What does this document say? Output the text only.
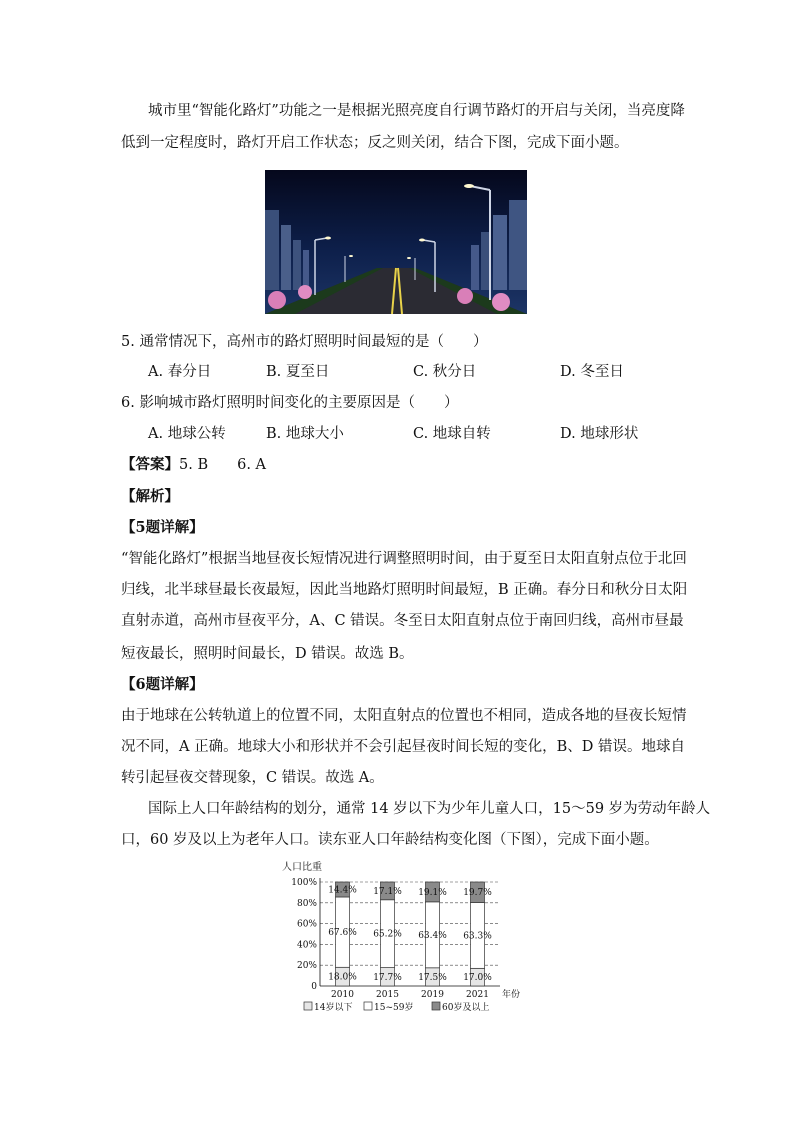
城市里“智能化路灯”功能之一是根据光照亮度自行调节路灯的开启与关闭，当亮度降
低到一定程度时，路灯开启工作状态；反之则关闭，结合下图，完成下面小题。
5. 通常情况下，高州市的路灯照明时间最短的是（　　）
A. 春分日	B. 夏至日	C. 秋分日	D. 冬至日
6. 影响城市路灯照明时间变化的主要原因是（　　）
A. 地球公转	B. 地球大小	C. 地球自转	D. 地球形状
【答案】5. B　　6. A
【解析】
【5题详解】
“智能化路灯”根据当地昼夜长短情况进行调整照明时间，由于夏至日太阳直射点位于北回
归线，北半球昼最长夜最短，因此当地路灯照明时间最短，B 正确。春分日和秋分日太阳
直射赤道，高州市昼夜平分，A、C 错误。冬至日太阳直射点位于南回归线，高州市昼最
短夜最长，照明时间最长，D 错误。故选 B。
【6题详解】
由于地球在公转轨道上的位置不同，太阳直射点的位置也不相同，造成各地的昼夜长短情
况不同，A 正确。地球大小和形状并不会引起昼夜时间长短的变化，B、D 错误。地球自
转引起昼夜交替现象，C 错误。故选 A。
国际上人口年龄结构的划分，通常 14 岁以下为少年儿童人口，15～59 岁为劳动年龄人
口，60 岁及以上为老年人口。读东亚人口年龄结构变化图（下图），完成下面小题。
人口比重
0
20%
40%
60%
80%
100%
18.0%
67.6%
14.4%
2010
17.7%
65.2%
17.1%
2015
17.5%
63.4%
19.1%
2019
17.0%
63.3%
19.7%
2021 年份
14岁以下 15~59岁	60岁及以上
